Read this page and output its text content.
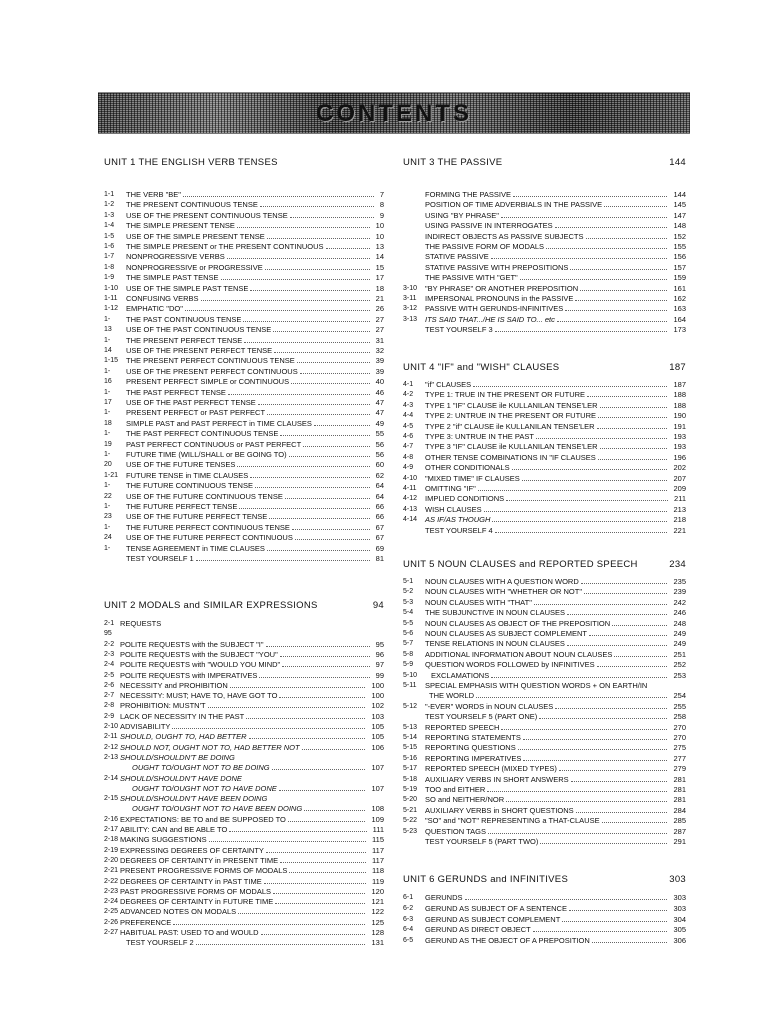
CONTENTS
UNIT 1 THE ENGLISH VERB TENSES
1-1 THE VERB "BE"	7
1-2 THE PRESENT CONTINUOUS TENSE	8
1-3 USE OF THE PRESENT CONTINUOUS TENSE	9
1-4 THE SIMPLE PRESENT TENSE	10
1-5 USE OF THE SIMPLE PRESENT TENSE	10
1-6 THE SIMPLE PRESENT or THE PRESENT CONTINUOUS	13
1-7 NONPROGRESSIVE VERBS	14
1-8 NONPROGRESSIVE or PROGRESSIVE	15
1-9 THE SIMPLE PAST TENSE	17
1-10 USE OF THE SIMPLE PAST TENSE	18
1-11 CONFUSING VERBS	21
1-12 EMPHATIC "DO"	26
1- THE PAST CONTINUOUS TENSE	27
13 USE OF THE PAST CONTINUOUS TENSE	27
1- THE PRESENT PERFECT TENSE	31
14 USE OF THE PRESENT PERFECT TENSE	32
1-15 THE PRESENT PERFECT CONTINUOUS TENSE	39
1- USE OF THE PRESENT PERFECT CONTINUOUS	39
16 PRESENT PERFECT SIMPLE or CONTINUOUS	40
1- THE PAST PERFECT TENSE	46
17 USE OF THE PAST PERFECT TENSE	47
1- PRESENT PERFECT or PAST PERFECT	47
18 SIMPLE PAST and PAST PERFECT in TIME CLAUSES	49
1- THE PAST PERFECT CONTINUOUS TENSE	55
19 PAST PERFECT CONTINUOUS or PAST PERFECT	56
1- FUTURE TIME (WILL/SHALL or BE GOING TO)	56
20 USE OF THE FUTURE TENSES	60
1-21 FUTURE TENSE in TIME CLAUSES	62
1- THE FUTURE CONTINUOUS TENSE	64
22 USE OF THE FUTURE CONTINUOUS TENSE	64
1- THE FUTURE PERFECT TENSE	66
23 USE OF THE FUTURE PERFECT TENSE	66
1- THE FUTURE PERFECT CONTINUOUS TENSE	67
24 USE OF THE FUTURE PERFECT CONTINUOUS	67
1- TENSE AGREEMENT in TIME CLAUSES	69
TEST YOURSELF 1	81
UNIT 2 MODALS and SIMILAR EXPRESSIONS	94
2-1 REQUESTS
95
2-2 POLITE REQUESTS with the SUBJECT "I"	95
2-3 POLITE REQUESTS with the SUBJECT "YOU"	96
2-4 POLITE REQUESTS with "WOULD YOU MIND"	97
2-5 POLITE REQUESTS with IMPERATIVES	99
2-6 NECESSITY and PROHIBITION	100
2-7 NECESSITY: MUST; HAVE TO, HAVE GOT TO	100
2-8 PROHIBITION: MUSTN'T	102
2-9 LACK OF NECESSITY IN THE PAST	103
2-10 ADVISABILITY	105
2-11 SHOULD, OUGHT TO, HAD BETTER	105
2-12 SHOULD NOT, OUGHT NOT TO, HAD BETTER NOT	106
2-13 SHOULD/SHOULDN'T BE DOING
OUGHT TO/OUGHT NOT TO BE DOING	107
2-14 SHOULD/SHOULDN'T HAVE DONE
OUGHT TO/OUGHT NOT TO HAVE DONE	107
2-15 SHOULD/SHOULDN'T HAVE BEEN DOING
OUGHT TO/OUGHT NOT TO HAVE BEEN DOING	108
2-16 EXPECTATIONS: BE TO and BE SUPPOSED TO	109
2-17 ABILITY: CAN and BE ABLE TO	111
2-18 MAKING SUGGESTIONS	115
2-19 EXPRESSING DEGREES OF CERTAINTY	117
2-20 DEGREES OF CERTAINTY in PRESENT TIME	117
2-21 PRESENT PROGRESSIVE FORMS OF MODALS	118
2-22 DEGREES OF CERTAINTY in PAST TIME	119
2-23 PAST PROGRESSIVE FORMS OF MODALS	120
2-24 DEGREES OF CERTAINTY in FUTURE TIME	121
2-25 ADVANCED NOTES ON MODALS	122
2-26 PREFERENCE	125
2-27 HABITUAL PAST: USED TO and WOULD	128
TEST YOURSELF 2	131
UNIT 3 THE PASSIVE	144
FORMING THE PASSIVE	144
POSITION OF TIME ADVERBIALS IN THE PASSIVE	145
USING "BY PHRASE"	147
USING PASSIVE IN INTERROGATES	148
INDIRECT OBJECTS AS PASSIVE SUBJECTS	152
THE PASSIVE FORM OF MODALS	155
STATIVE PASSIVE	156
STATIVE PASSIVE WITH PREPOSITIONS	157
THE PASSIVE WITH "GET"	159
3-10 "BY PHRASE" OR ANOTHER PREPOSITION	161
3-11 IMPERSONAL PRONOUNS in the PASSIVE	162
3-12 PASSIVE WITH GERUNDS-INFINITIVES	163
3-13 ITS SAID THAT.../HE IS SAID TO... etc	164
TEST YOURSELF 3	173
UNIT 4 "IF" and "WISH" CLAUSES	187
4-1 "if" CLAUSES	187
4-2 TYPE 1: TRUE IN THE PRESENT OR FUTURE	188
4-3 TYPE 1 "IF" CLAUSE ile KULLANILAN TENSE'LER	188
4-4 TYPE 2: UNTRUE IN THE PRESENT OR FUTURE	190
4-5 TYPE 2 "if" CLAUSE ile KULLANILAN TENSE'LER	191
4-6 TYPE 3: UNTRUE IN THE PAST	193
4-7 TYPE 3 "IF" CLAUSE ile KULLANILAN TENSE'LER	193
4-8 OTHER TENSE COMBINATIONS IN "IF CLAUSES	196
4-9 OTHER CONDITIONALS	202
4-10 "MIXED TIME" IF CLAUSES	207
4-11 OMITTING "IF"	209
4-12 IMPLIED CONDITIONS	211
4-13 WISH CLAUSES	213
4-14 AS IF/AS THOUGH	218
TEST YOURSELF 4	221
UNIT 5 NOUN CLAUSES and REPORTED SPEECH	234
5-1 NOUN CLAUSES WITH A QUESTION WORD	235
5-2 NOUN CLAUSES WITH "WHETHER OR NOT"	239
5-3 NOUN CLAUSES WITH "THAT"	242
5-4 THE SUBJUNCTIVE IN NOUN CLAUSES	246
5-5 NOUN CLAUSES AS OBJECT OF THE PREPOSITION	248
5-6 NOUN CLAUSES AS SUBJECT COMPLEMENT	249
5-7 TENSE RELATIONS IN NOUN CLAUSES	249
5-8 ADDITIONAL INFORMATION ABOUT NOUN CLAUSES	251
5-9 QUESTION WORDS FOLLOWED by INFINITIVES	252
5-10 EXCLAMATIONS	253
5-11 SPECIAL EMPHASIS WITH QUESTION WORDS + ON EARTH/IN
THE WORLD	254
5-12 "-EVER" WORDS in NOUN CLAUSES	255
TEST YOURSELF 5 (PART ONE)	258
5-13 REPORTED SPEECH	270
5-14 REPORTING STATEMENTS	270
5-15 REPORTING QUESTIONS	275
5-16 REPORTING IMPERATIVES	277
5-17 REPORTED SPEECH (MIXED TYPES)	279
5-18 AUXILIARY VERBS IN SHORT ANSWERS	281
5-19 TOO and EITHER	281
5-20 SO and NEITHER/NOR	281
5-21 AUXILIARY VERBS in SHORT QUESTIONS	284
5-22 "SO" and "NOT" REPRESENTING a THAT-CLAUSE	285
5-23 QUESTION TAGS	287
TEST YOURSELF 5 (PART TWO)	291
UNIT 6 GERUNDS and INFINITIVES	303
6-1 GERUNDS	303
6-2 GERUND AS SUBJECT OF A SENTENCE	303
6-3 GERUND AS SUBJECT COMPLEMENT	304
6-4 GERUND AS DIRECT OBJECT	305
6-5 GERUND AS THE OBJECT OF A PREPOSITION	306
